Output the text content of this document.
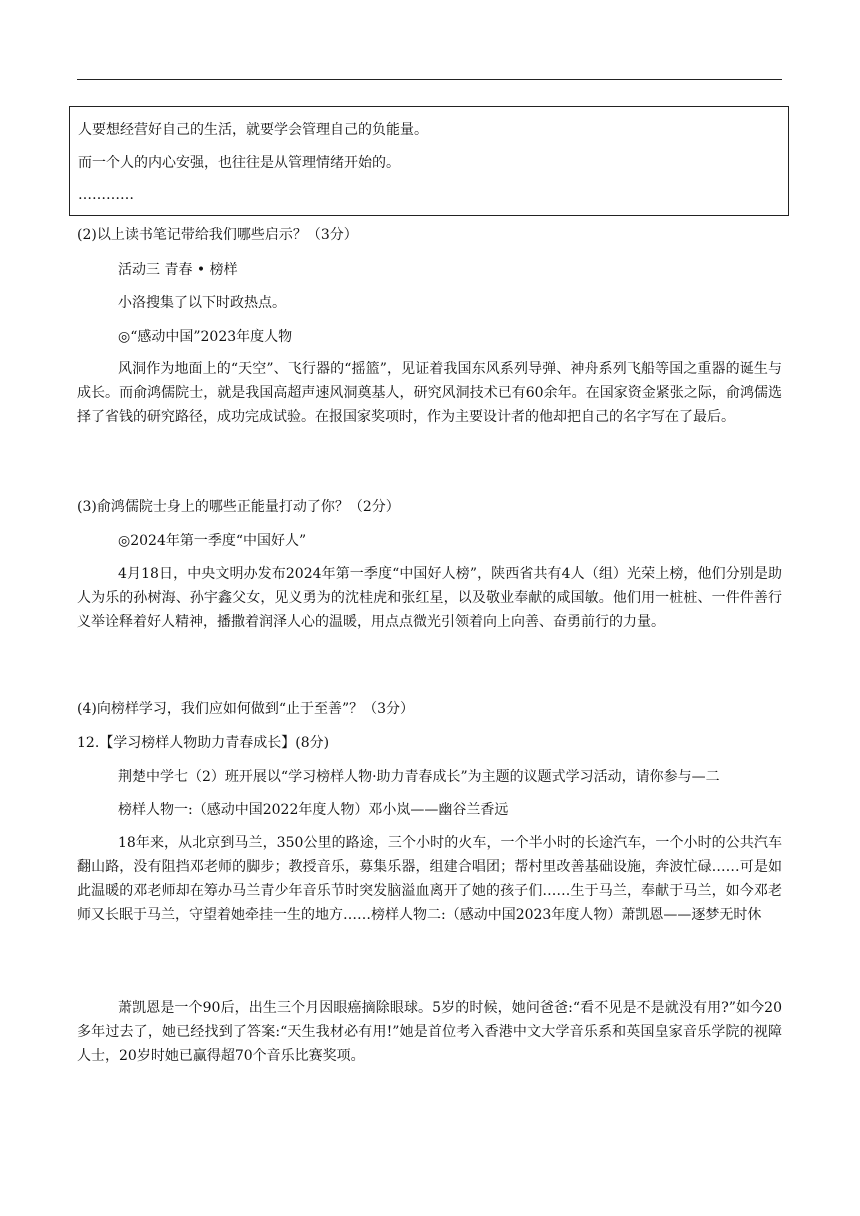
人要想经营好自己的生活，就要学会管理自己的负能量。

而一个人的内心安强，也往往是从管理情绪开始的。

…………

(2)以上读书笔记带给我们哪些启示？（3分）

活动三 青春 • 榜样

小洛搜集了以下时政热点。

◎“感动中国”2023年度人物

风洞作为地面上的“天空”、飞行器的“摇篮”，见证着我国东风系列导弹、神舟系列飞船等国之重器的诞生与成长。而俞鸿儒院士，就是我国高超声速风洞奠基人，研究风洞技术已有60余年。在国家资金紧张之际，俞鸿儒选择了省钱的研究路径，成功完成试验。在报国家奖项时，作为主要设计者的他却把自己的名字写在了最后。

(3)俞鸿儒院士身上的哪些正能量打动了你？（2分）

◎2024年第一季度“中国好人”

4月18日，中央文明办发布2024年第一季度“中国好人榜”，陕西省共有4人（组）光荣上榜，他们分别是助人为乐的孙树海、孙宇鑫父女，见义勇为的沈桂虎和张红星，以及敬业奉献的咸国敏。他们用一桩桩、一件件善行义举诠释着好人精神，播撒着润泽人心的温暖，用点点微光引领着向上向善、奋勇前行的力量。

(4)向榜样学习，我们应如何做到“止于至善”？（3分）

12.【学习榜样人物助力青春成长】(8分)

荆楚中学七（2）班开展以“学习榜样人物·助力青春成长”为主题的议题式学习活动，请你参与—二

榜样人物一:（感动中国2022年度人物）邓小岚——幽谷兰香远

18年来，从北京到马兰，350公里的路途，三个小时的火车，一个半小时的长途汽车，一个小时的公共汽车翻山路，没有阻挡邓老师的脚步；教授音乐，募集乐器，组建合唱团；帮村里改善基础设施，奔波忙碌……可是如此温暖的邓老师却在筹办马兰青少年音乐节时突发脑溢血离开了她的孩子们……生于马兰，奉献于马兰，如今邓老师又长眠于马兰，守望着她牵挂一生的地方……榜样人物二:（感动中国2023年度人物）萧凯恩——逐梦无时休

萧凯恩是一个90后，出生三个月因眼癌摘除眼球。5岁的时候，她问爸爸:“看不见是不是就没有用?”如今20多年过去了，她已经找到了答案:“天生我材必有用!”她是首位考入香港中文大学音乐系和英国皇家音乐学院的视障人士，20岁时她已赢得超70个音乐比赛奖项。
